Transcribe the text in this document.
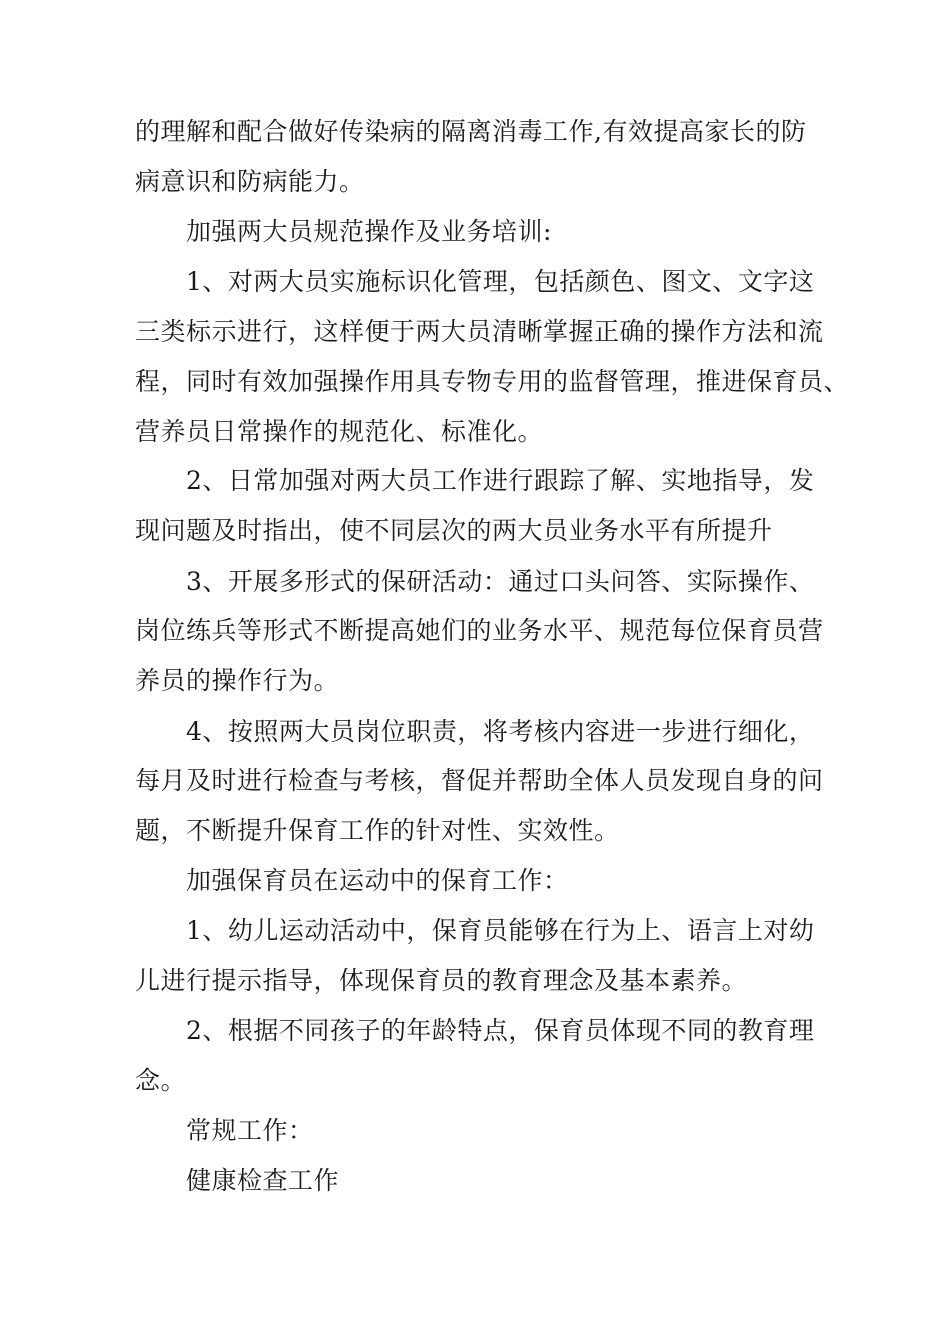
的理解和配合做好传染病的隔离消毒工作,有效提高家长的防
病意识和防病能力。
加强两大员规范操作及业务培训:
1、对两大员实施标识化管理，包括颜色、图文、文字这
三类标示进行，这样便于两大员清晰掌握正确的操作方法和流
程，同时有效加强操作用具专物专用的监督管理，推进保育员、
营养员日常操作的规范化、标准化。
2、日常加强对两大员工作进行跟踪了解、实地指导，发
现问题及时指出，使不同层次的两大员业务水平有所提升
3、开展多形式的保研活动：通过口头问答、实际操作、
岗位练兵等形式不断提高她们的业务水平、规范每位保育员营
养员的操作行为。
4、按照两大员岗位职责，将考核内容进一步进行细化，
每月及时进行检查与考核，督促并帮助全体人员发现自身的问
题，不断提升保育工作的针对性、实效性。
加强保育员在运动中的保育工作：
1、幼儿运动活动中，保育员能够在行为上、语言上对幼
儿进行提示指导，体现保育员的教育理念及基本素养。
2、根据不同孩子的年龄特点，保育员体现不同的教育理
念。
常规工作：
健康检查工作
